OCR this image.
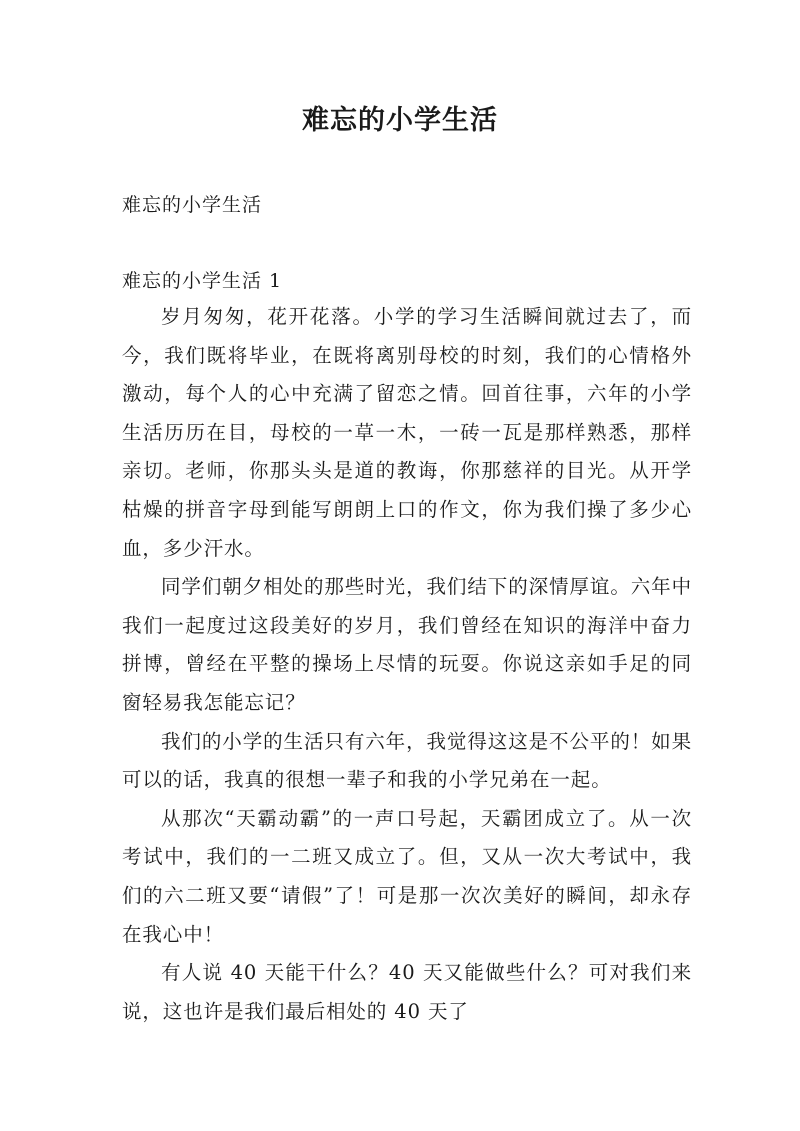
难忘的小学生活

难忘的小学生活

难忘的小学生活 1

岁月匆匆，花开花落。小学的学习生活瞬间就过去了，而今，我们既将毕业，在既将离别母校的时刻，我们的心情格外激动，每个人的心中充满了留恋之情。回首往事，六年的小学生活历历在目，母校的一草一木，一砖一瓦是那样熟悉，那样亲切。老师，你那头头是道的教诲，你那慈祥的目光。从开学枯燥的拼音字母到能写朗朗上口的作文，你为我们操了多少心血，多少汗水。

同学们朝夕相处的那些时光，我们结下的深情厚谊。六年中我们一起度过这段美好的岁月，我们曾经在知识的海洋中奋力拼博，曾经在平整的操场上尽情的玩耍。你说这亲如手足的同窗轻易我怎能忘记？

我们的小学的生活只有六年，我觉得这这是不公平的！如果可以的话，我真的很想一辈子和我的小学兄弟在一起。

从那次“天霸动霸”的一声口号起，天霸团成立了。从一次考试中，我们的一二班又成立了。但，又从一次大考试中，我们的六二班又要“请假”了！可是那一次次美好的瞬间，却永存在我心中！

有人说 40 天能干什么？40 天又能做些什么？可对我们来说，这也许是我们最后相处的 40 天了
